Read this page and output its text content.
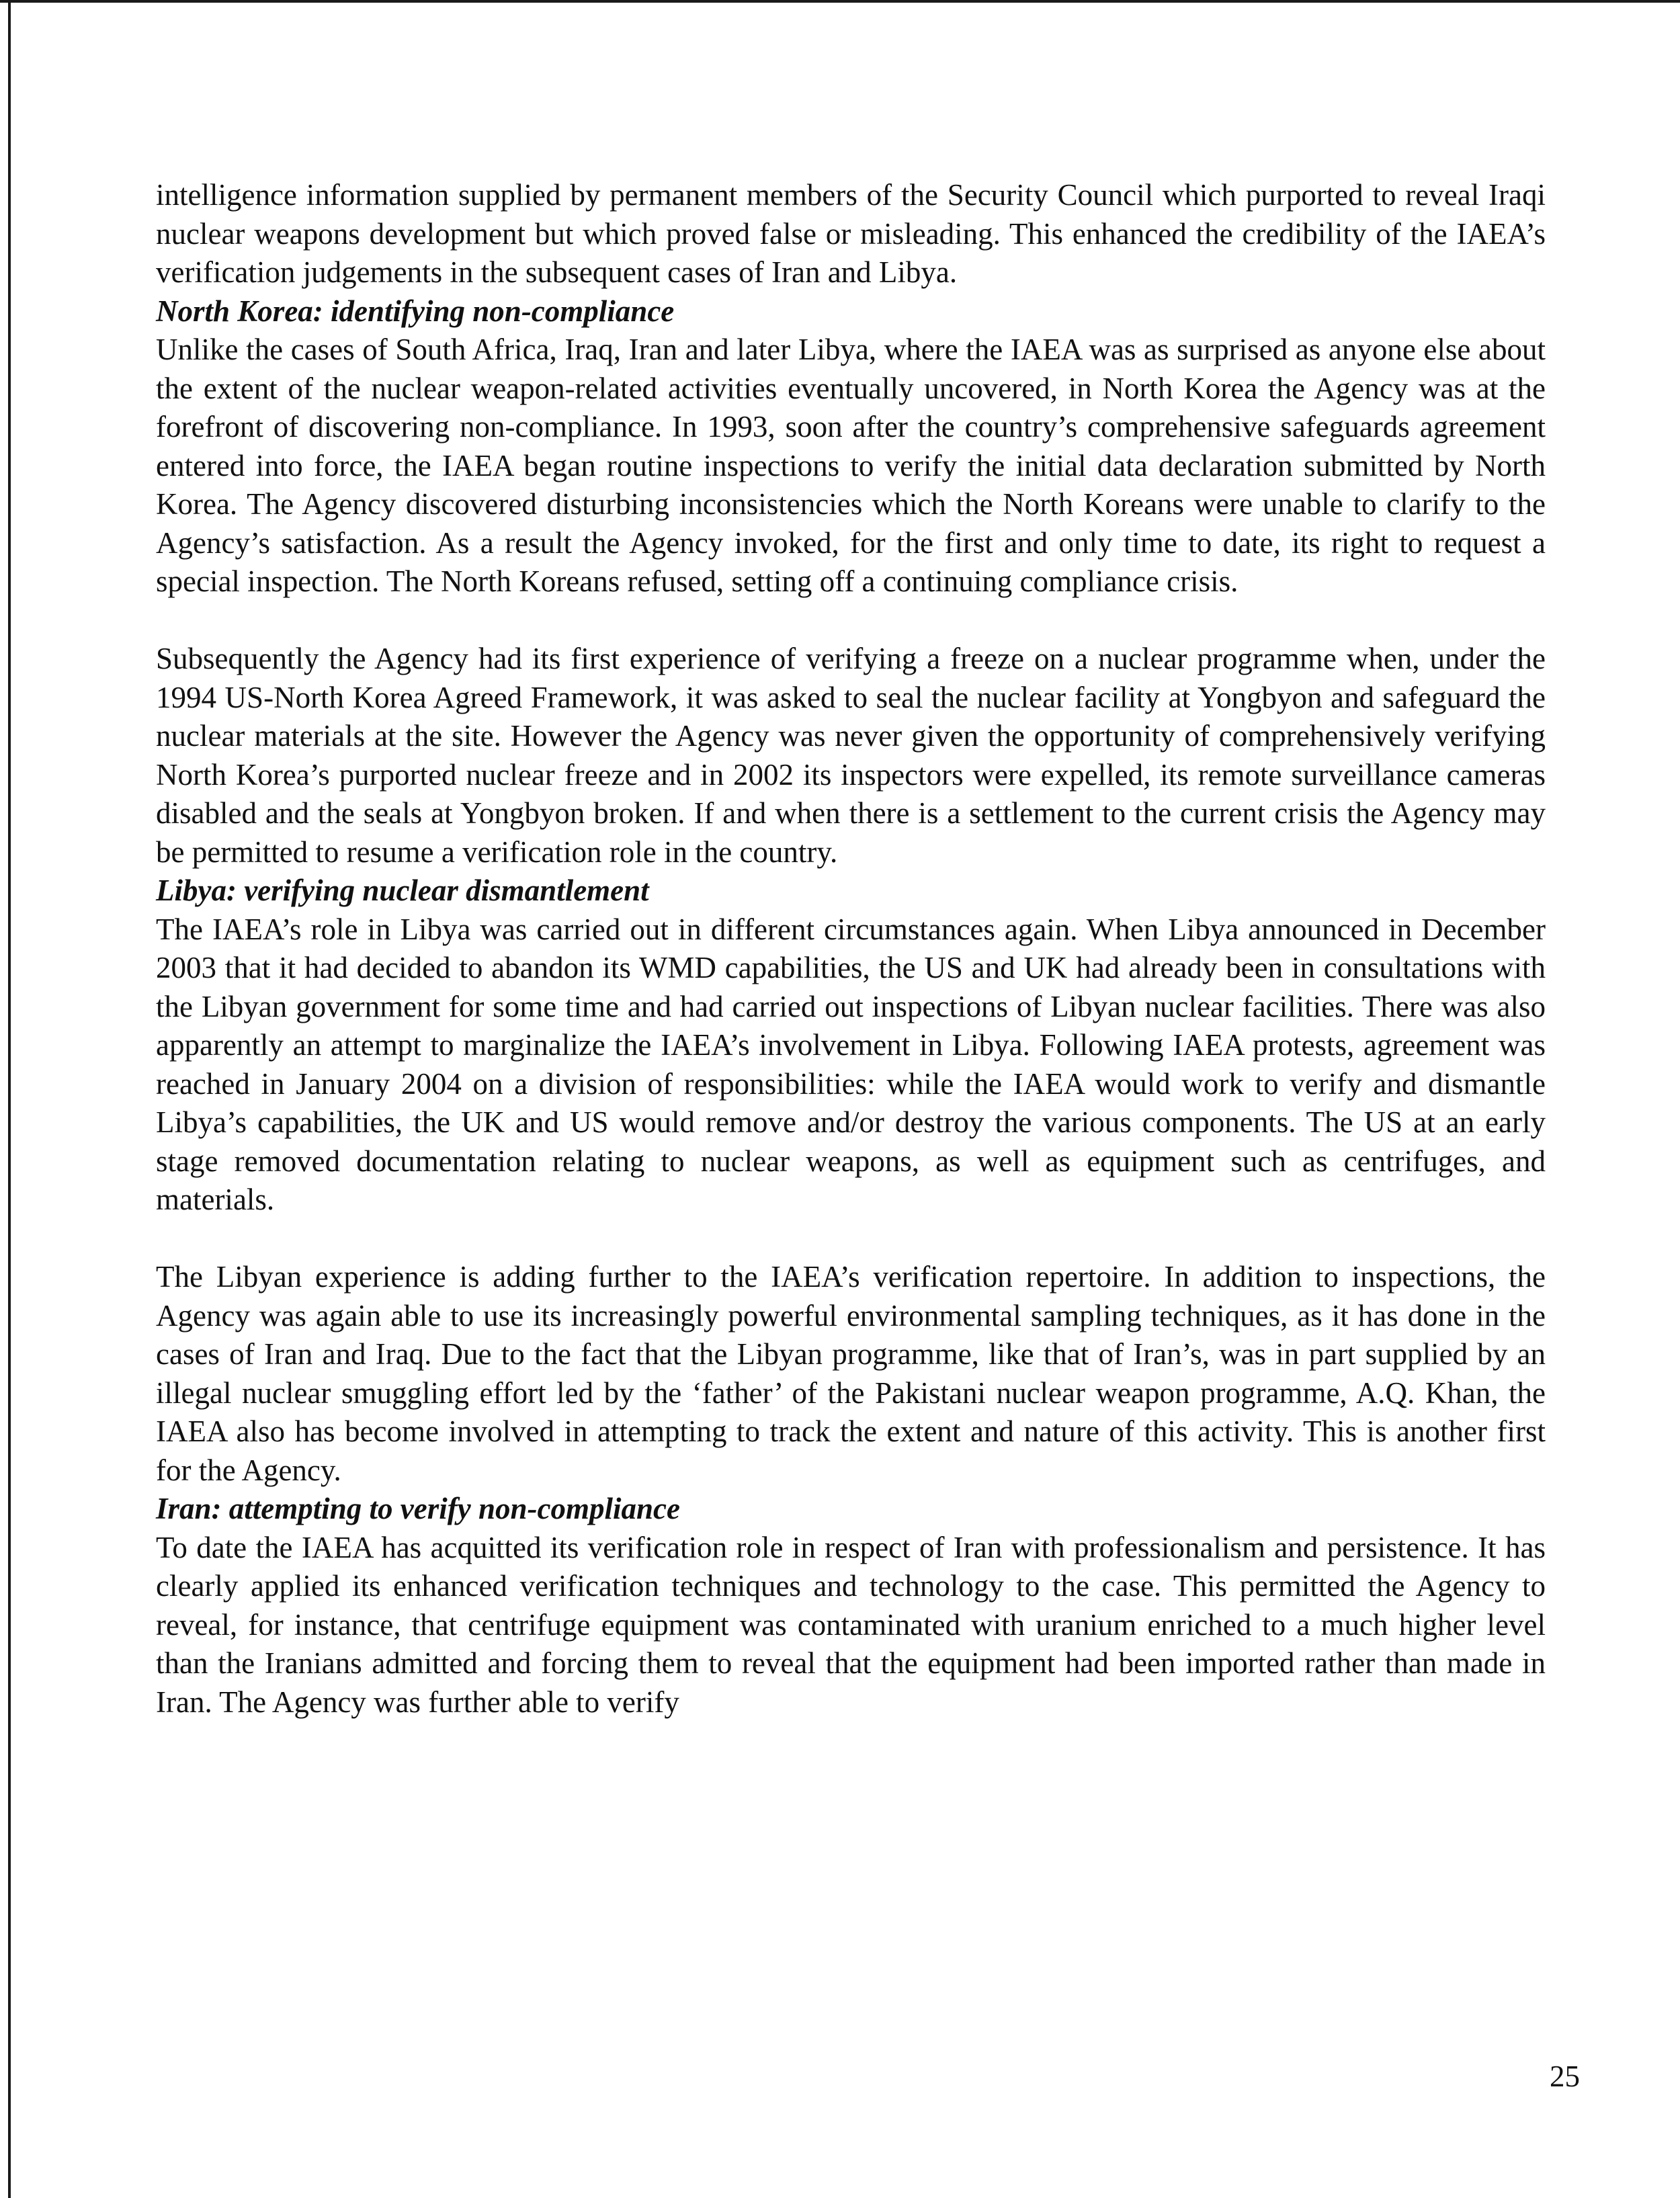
intelligence information supplied by permanent members of the Security Council which purported to reveal Iraqi nuclear weapons development but which proved false or misleading. This enhanced the credibility of the IAEA’s verification judgements in the subsequent cases of Iran and Libya.

North Korea: identifying non-compliance

Unlike the cases of South Africa, Iraq, Iran and later Libya, where the IAEA was as surprised as anyone else about the extent of the nuclear weapon-related activities eventually uncovered, in North Korea the Agency was at the forefront of discovering non-compliance. In 1993, soon after the country’s comprehensive safeguards agreement entered into force, the IAEA began routine inspections to verify the initial data declaration submitted by North Korea. The Agency discovered disturbing inconsistencies which the North Koreans were unable to clarify to the Agency’s satisfaction. As a result the Agency invoked, for the first and only time to date, its right to request a special inspection. The North Koreans refused, setting off a continuing compliance crisis.

Subsequently the Agency had its first experience of verifying a freeze on a nuclear programme when, under the 1994 US-North Korea Agreed Framework, it was asked to seal the nuclear facility at Yongbyon and safeguard the nuclear materials at the site. However the Agency was never given the opportunity of comprehensively verifying North Korea’s purported nuclear freeze and in 2002 its inspectors were expelled, its remote surveillance cameras disabled and the seals at Yongbyon broken. If and when there is a settlement to the current crisis the Agency may be permitted to resume a verification role in the country.

Libya: verifying nuclear dismantlement

The IAEA’s role in Libya was carried out in different circumstances again. When Libya announced in December 2003 that it had decided to abandon its WMD capabilities, the US and UK had already been in consultations with the Libyan government for some time and had carried out inspections of Libyan nuclear facilities. There was also apparently an attempt to marginalize the IAEA’s involvement in Libya. Following IAEA protests, agreement was reached in January 2004 on a division of responsibilities: while the IAEA would work to verify and dismantle Libya’s capabilities, the UK and US would remove and/or destroy the various components. The US at an early stage removed documentation relating to nuclear weapons, as well as equipment such as centrifuges, and materials.

The Libyan experience is adding further to the IAEA’s verification repertoire. In addition to inspections, the Agency was again able to use its increasingly powerful environmental sampling techniques, as it has done in the cases of Iran and Iraq. Due to the fact that the Libyan programme, like that of Iran’s, was in part supplied by an illegal nuclear smuggling effort led by the ‘father’ of the Pakistani nuclear weapon programme, A.Q. Khan, the IAEA also has become involved in attempting to track the extent and nature of this activity. This is another first for the Agency.

Iran: attempting to verify non-compliance

To date the IAEA has acquitted its verification role in respect of Iran with professionalism and persistence. It has clearly applied its enhanced verification techniques and technology to the case. This permitted the Agency to reveal, for instance, that centrifuge equipment was contaminated with uranium enriched to a much higher level than the Iranians admitted and forcing them to reveal that the equipment had been imported rather than made in Iran. The Agency was further able to verify

25
